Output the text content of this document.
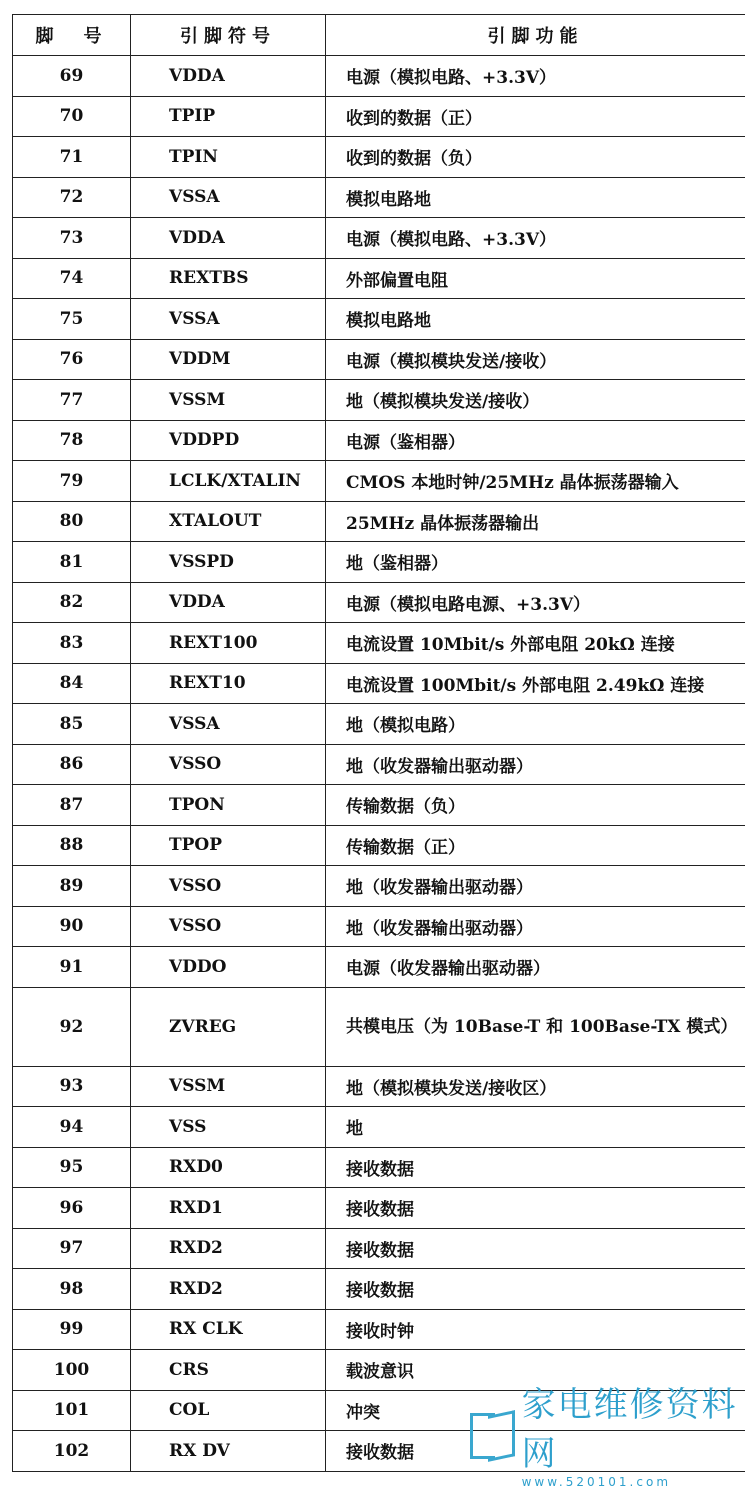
脚　号	引脚符号	引脚功能
69	VDDA	电源（模拟电路、+3.3V）
70	TPIP	收到的数据（正）
71	TPIN	收到的数据（负）
72	VSSA	模拟电路地
73	VDDA	电源（模拟电路、+3.3V）
74	REXTBS	外部偏置电阻
75	VSSA	模拟电路地
76	VDDM	电源（模拟模块发送/接收）
77	VSSM	地（模拟模块发送/接收）
78	VDDPD	电源（鉴相器）
79	LCLK/XTALIN	CMOS 本地时钟/25MHz 晶体振荡器输入
80	XTALOUT	25MHz 晶体振荡器输出
81	VSSPD	地（鉴相器）
82	VDDA	电源（模拟电路电源、+3.3V）
83	REXT100	电流设置 10Mbit/s 外部电阻 20kΩ 连接
84	REXT10	电流设置 100Mbit/s 外部电阻 2.49kΩ 连接
85	VSSA	地（模拟电路）
86	VSSO	地（收发器输出驱动器）
87	TPON	传输数据（负）
88	TPOP	传输数据（正）
89	VSSO	地（收发器输出驱动器）
90	VSSO	地（收发器输出驱动器）
91	VDDO	电源（收发器输出驱动器）
92	ZVREG	共模电压（为 10Base-T 和 100Base-TX 模式）
93	VSSM	地（模拟模块发送/接收区）
94	VSS	地
95	RXD0	接收数据
96	RXD1	接收数据
97	RXD2	接收数据
98	RXD2	接收数据
99	RX CLK	接收时钟
100	CRS	载波意识
101	COL	冲突
102	RX DV	接收数据
家电维修资料网
www.520101.com
